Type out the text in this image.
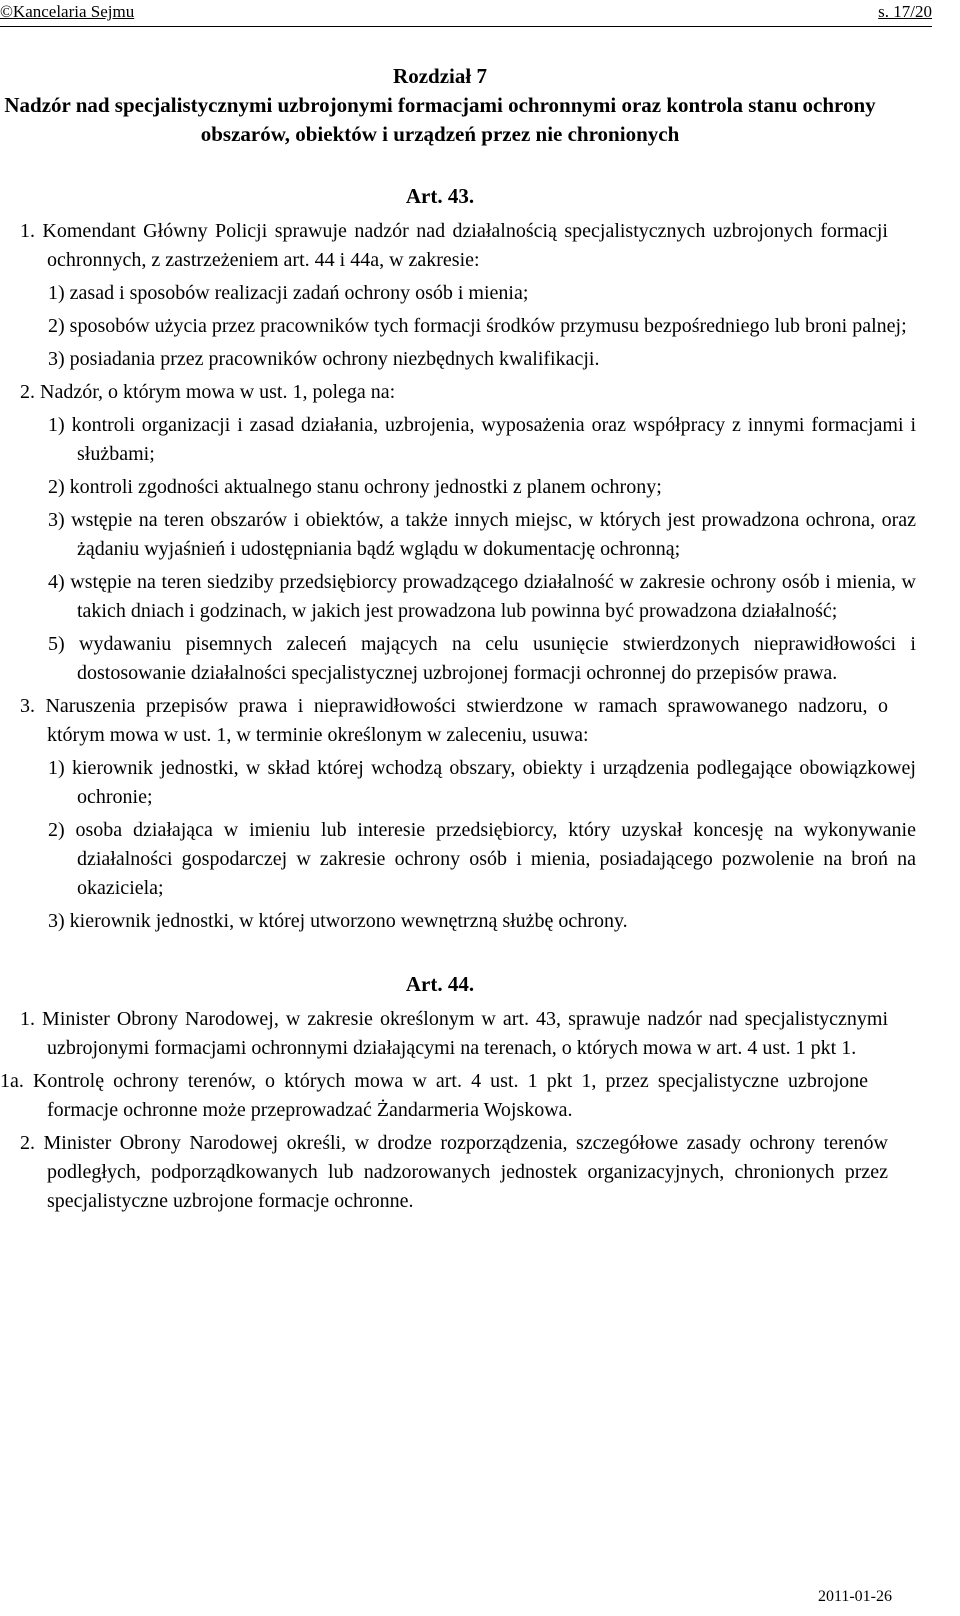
©Kancelaria Sejmu	s. 17/20
Rozdział 7
Nadzór nad specjalistycznymi uzbrojonymi formacjami ochronnymi oraz kontrola stanu ochrony obszarów, obiektów i urządzeń przez nie chronionych
Art. 43.
1. Komendant Główny Policji sprawuje nadzór nad działalnością specjalistycznych uzbrojonych formacji ochronnych, z zastrzeżeniem art. 44 i 44a, w zakresie:
1) zasad i sposobów realizacji zadań ochrony osób i mienia;
2) sposobów użycia przez pracowników tych formacji środków przymusu bezpośredniego lub broni palnej;
3) posiadania przez pracowników ochrony niezbędnych kwalifikacji.
2. Nadzór, o którym mowa w ust. 1, polega na:
1) kontroli organizacji i zasad działania, uzbrojenia, wyposażenia oraz współpracy z innymi formacjami i służbami;
2) kontroli zgodności aktualnego stanu ochrony jednostki z planem ochrony;
3) wstępie na teren obszarów i obiektów, a także innych miejsc, w których jest prowadzona ochrona, oraz żądaniu wyjaśnień i udostępniania bądź wglądu w dokumentację ochronną;
4) wstępie na teren siedziby przedsiębiorcy prowadzącego działalność w zakresie ochrony osób i mienia, w takich dniach i godzinach, w jakich jest prowadzona lub powinna być prowadzona działalność;
5) wydawaniu pisemnych zaleceń mających na celu usunięcie stwierdzonych nieprawidłowości i dostosowanie działalności specjalistycznej uzbrojonej formacji ochronnej do przepisów prawa.
3. Naruszenia przepisów prawa i nieprawidłowości stwierdzone w ramach sprawowanego nadzoru, o którym mowa w ust. 1, w terminie określonym w zaleceniu, usuwa:
1) kierownik jednostki, w skład której wchodzą obszary, obiekty i urządzenia podlegające obowiązkowej ochronie;
2) osoba działająca w imieniu lub interesie przedsiębiorcy, który uzyskał koncesję na wykonywanie działalności gospodarczej w zakresie ochrony osób i mienia, posiadającego pozwolenie na broń na okaziciela;
3) kierownik jednostki, w której utworzono wewnętrzną służbę ochrony.
Art. 44.
1. Minister Obrony Narodowej, w zakresie określonym w art. 43, sprawuje nadzór nad specjalistycznymi uzbrojonymi formacjami ochronnymi działającymi na terenach, o których mowa w art. 4 ust. 1 pkt 1.
1a. Kontrolę ochrony terenów, o których mowa w art. 4 ust. 1 pkt 1, przez specjalistyczne uzbrojone formacje ochronne może przeprowadzać Żandarmeria Wojskowa.
2. Minister Obrony Narodowej określi, w drodze rozporządzenia, szczegółowe zasady ochrony terenów podległych, podporządkowanych lub nadzorowanych jednostek organizacyjnych, chronionych przez specjalistyczne uzbrojone formacje ochronne.
2011-01-26
